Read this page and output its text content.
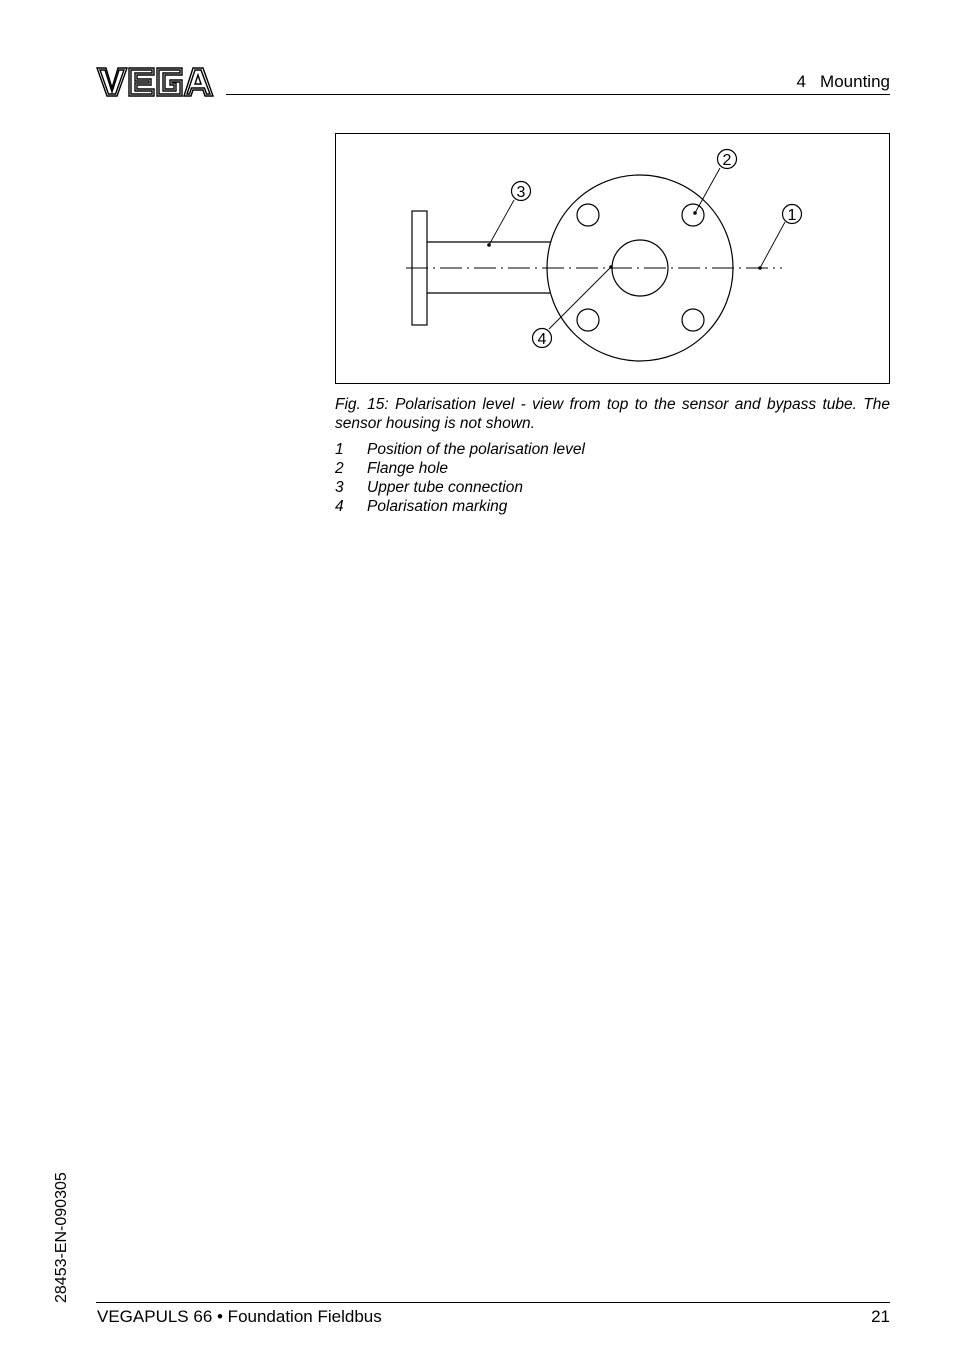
4   Mounting
1
2
3
4
Fig. 15: Polarisation level - view from top to the sensor and bypass tube. The sensor housing is not shown.
1	Position of the polarisation level
2	Flange hole
3	Upper tube connection
4	Polarisation marking
28453-EN-090305
VEGAPULS 66 • Foundation Fieldbus	21
